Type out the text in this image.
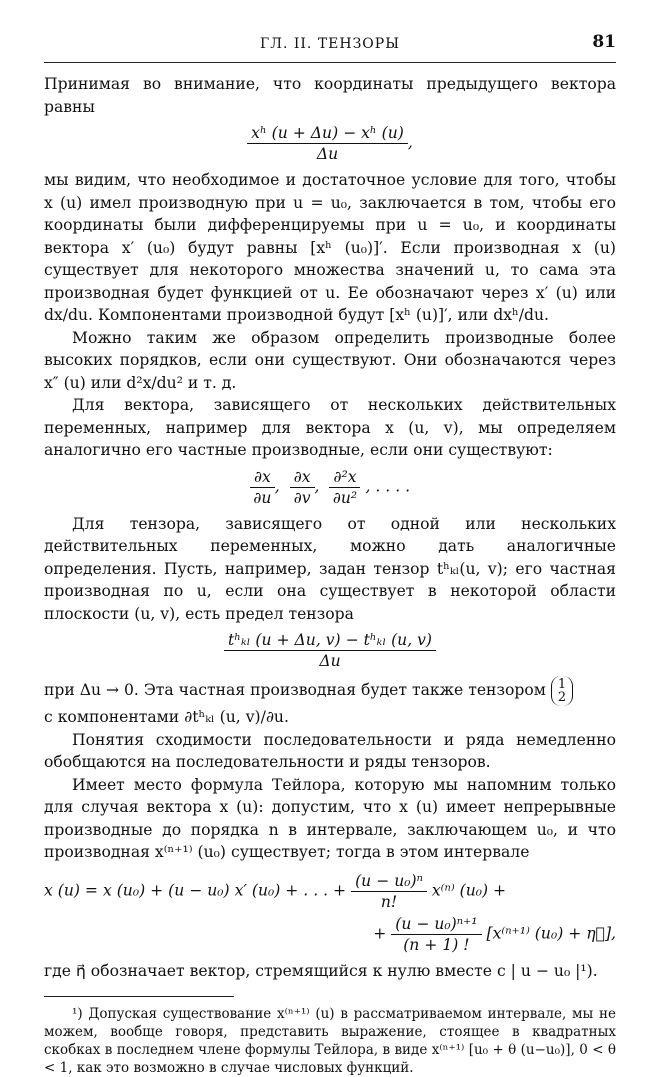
ГЛ. II. ТЕНЗОРЫ	81

Принимая во внимание, что координаты предыдущего вектора равны

$\frac{\text{xʰ (u + Δu) − xʰ (u)}}{\Delta u}$ ,

мы видим, что необходимое и достаточное условие для того, чтобы x (u) имел производную при u = u₀, заключается в том, чтобы его координаты были дифференцируемы при u = u₀, и координаты вектора x′ (u₀) будут равны [xʰ (u₀)]′. Если производная x (u) существует для некоторого множества значений u, то сама эта производная будет функцией от u. Ее обозначают через x′ (u) или dx/du. Компонентами производной будут [xʰ (u)]′, или dxʰ/du.

Можно таким же образом определить производные более высоких порядков, если они существуют. Они обозначаются через x″ (u) или d²x/du² и т. д.

Для вектора, зависящего от нескольких действительных переменных, например для вектора x (u, v), мы определяем аналогично его частные производные, если они существуют:

$\frac{\partial x}{\partial u}$ , $\frac{\partial x}{\partial v}$ , $\frac{\text{∂²x}}{\text{∂u²}}$ , . . . .

Для тензора, зависящего от одной или нескольких действительных переменных, можно дать аналогичные определения. Пусть, например, задан тензор tʰₖₗ(u, v); его частная производная по u, если она существует в некоторой области плоскости (u, v), есть предел тензора

$\frac{\text{tʰₖₗ (u + Δu, v) − tʰₖₗ (u, v)}}{\Delta u}$

при Δu → 0. Эта частная производная будет также тензором 1
2

с компонентами ∂tʰₖₗ (u, v)/∂u.

Понятия сходимости последовательности и ряда немедленно обобщаются на последовательности и ряды тензоров.

Имеет место формула Тейлора, которую мы напомним только для случая вектора x (u): допустим, что x (u) имеет непрерывные производные до порядка n в интервале, заключающем u₀, и что производная x⁽ⁿ⁺¹⁾ (u₀) существует; тогда в этом интервале

x (u) = x (u₀) + (u − u₀) x′ (u₀) + . . . + $\frac{\text{(u − u₀)ⁿ}}{n!} x^{(n)}$ (u₀) +
+ $\frac{\text{(u − u₀)ⁿ⁺¹}}{(n + 1) !} [x^{(n+1)}$ (u₀) + η⃗],

где η⃗ обозначает вектор, стремящийся к нулю вместе с | u − u₀ |¹).

¹) Допуская существование x⁽ⁿ⁺¹⁾ (u) в рассматриваемом интервале, мы не можем, вообще говоря, представить выражение, стоящее в квадратных скобках в последнем члене формулы Тейлора, в виде x⁽ⁿ⁺¹⁾ [u₀ + θ (u−u₀)], 0 < θ < 1, как это возможно в случае числовых функций.
